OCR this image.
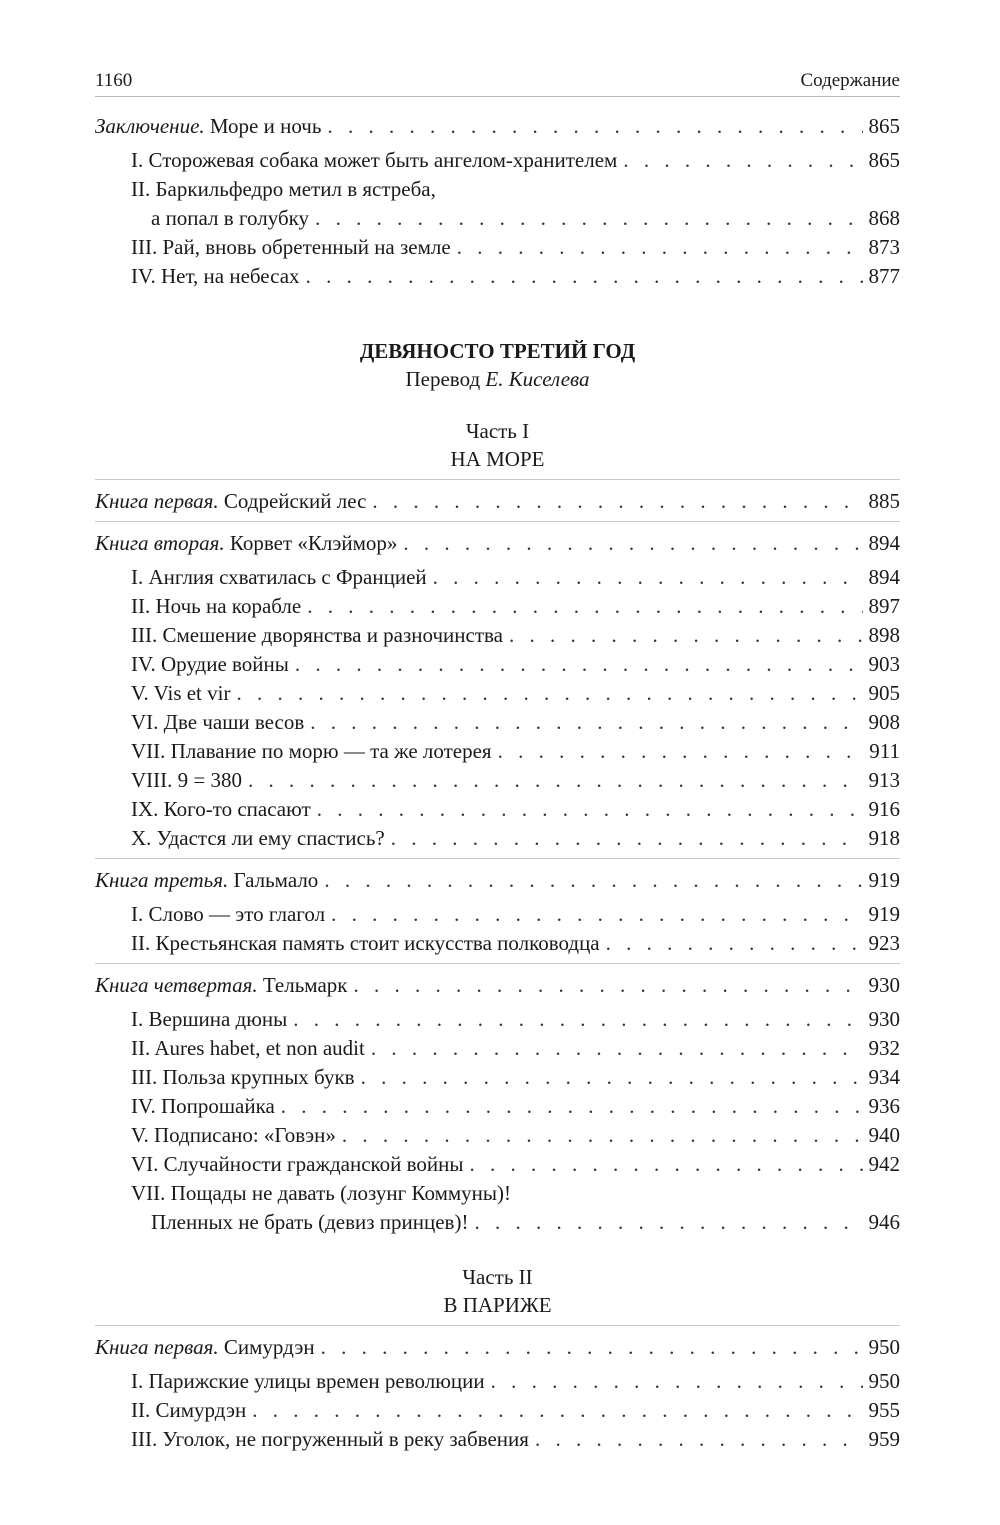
1160	Содержание
Заключение. Море и ночь . . .	865
I. Сторожевая собака может быть ангелом-хранителем . . .	865
II. Баркильфедро метил в ястреба,
а попал в голубку . . .	868
III. Рай, вновь обретенный на земле . . .	873
IV. Нет, на небесах . . .	877
ДЕВЯНОСТО ТРЕТИЙ ГОД
Перевод Е. Киселева
Часть I
НА МОРЕ
Книга первая. Содрейский лес . . .	885
Книга вторая. Корвет «Клэймор» . . .	894
I. Англия схватилась с Францией . . .	894
II. Ночь на корабле . . .	897
III. Смешение дворянства и разночинства . . .	898
IV. Орудие войны . . .	903
V. Vis et vir . . .	905
VI. Две чаши весов . . .	908
VII. Плавание по морю — та же лотерея . . .	911
VIII. 9 = 380 . . .	913
IX. Кого-то спасают . . .	916
X. Удастся ли ему спастись? . . .	918
Книга третья. Гальмало . . .	919
I. Слово — это глагол . . .	919
II. Крестьянская память стоит искусства полководца . . .	923
Книга четвертая. Тельмарк . . .	930
I. Вершина дюны . . .	930
II. Aures habet, et non audit . . .	932
III. Польза крупных букв . . .	934
IV. Попрошайка . . .	936
V. Подписано: «Говэн» . . .	940
VI. Случайности гражданской войны . . .	942
VII. Пощады не давать (лозунг Коммуны)!
Пленных не брать (девиз принцев)! . . .	946
Часть II
В ПАРИЖЕ
Книга первая. Симурдэн . . .	950
I. Парижские улицы времен революции . . .	950
II. Симурдэн . . .	955
III. Уголок, не погруженный в реку забвения . . .	959
